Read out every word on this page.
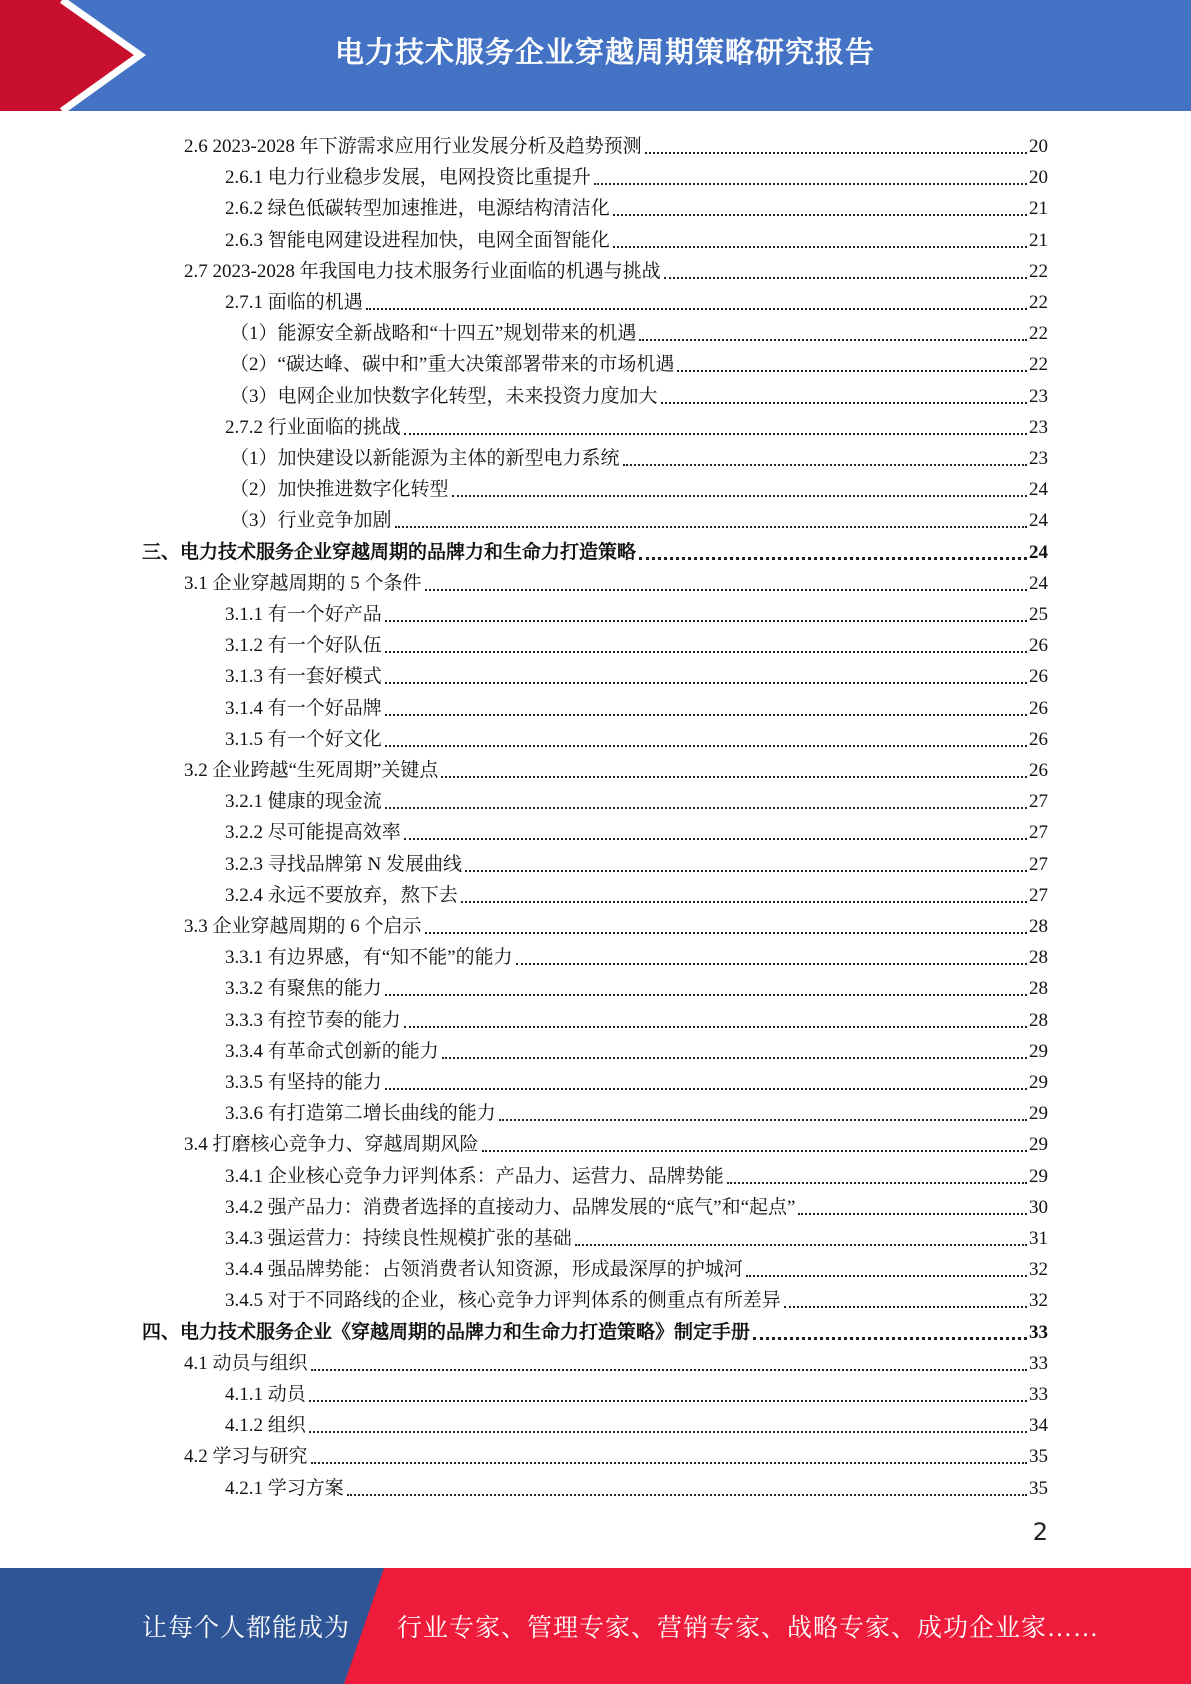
电力技术服务企业穿越周期策略研究报告
2.6 2023-2028 年下游需求应用行业发展分析及趋势预测	20
2.6.1 电力行业稳步发展，电网投资比重提升	20
2.6.2 绿色低碳转型加速推进，电源结构清洁化	21
2.6.3 智能电网建设进程加快，电网全面智能化	21
2.7 2023-2028 年我国电力技术服务行业面临的机遇与挑战	22
2.7.1 面临的机遇	22
（1）能源安全新战略和“十四五”规划带来的机遇	22
（2）“碳达峰、碳中和”重大决策部署带来的市场机遇	22
（3）电网企业加快数字化转型，未来投资力度加大	23
2.7.2 行业面临的挑战	23
（1）加快建设以新能源为主体的新型电力系统	23
（2）加快推进数字化转型	24
（3）行业竞争加剧	24
三、电力技术服务企业穿越周期的品牌力和生命力打造策略	24
3.1 企业穿越周期的 5 个条件	24
3.1.1 有一个好产品	25
3.1.2 有一个好队伍	26
3.1.3 有一套好模式	26
3.1.4 有一个好品牌	26
3.1.5 有一个好文化	26
3.2 企业跨越“生死周期”关键点	26
3.2.1 健康的现金流	27
3.2.2 尽可能提高效率	27
3.2.3 寻找品牌第 N 发展曲线	27
3.2.4 永远不要放弃，熬下去	27
3.3 企业穿越周期的 6 个启示	28
3.3.1 有边界感，有“知不能”的能力	28
3.3.2 有聚焦的能力	28
3.3.3 有控节奏的能力	28
3.3.4 有革命式创新的能力	29
3.3.5 有坚持的能力	29
3.3.6 有打造第二增长曲线的能力	29
3.4 打磨核心竞争力、穿越周期风险	29
3.4.1 企业核心竞争力评判体系：产品力、运营力、品牌势能	29
3.4.2 强产品力：消费者选择的直接动力、品牌发展的“底气”和“起点”	30
3.4.3 强运营力：持续良性规模扩张的基础	31
3.4.4 强品牌势能：占领消费者认知资源，形成最深厚的护城河	32
3.4.5 对于不同路线的企业，核心竞争力评判体系的侧重点有所差异	32
四、电力技术服务企业《穿越周期的品牌力和生命力打造策略》制定手册	33
4.1 动员与组织	33
4.1.1 动员	33
4.1.2 组织	34
4.2 学习与研究	35
4.2.1 学习方案	35
2
让每个人都能成为 行业专家、管理专家、营销专家、战略专家、成功企业家……
